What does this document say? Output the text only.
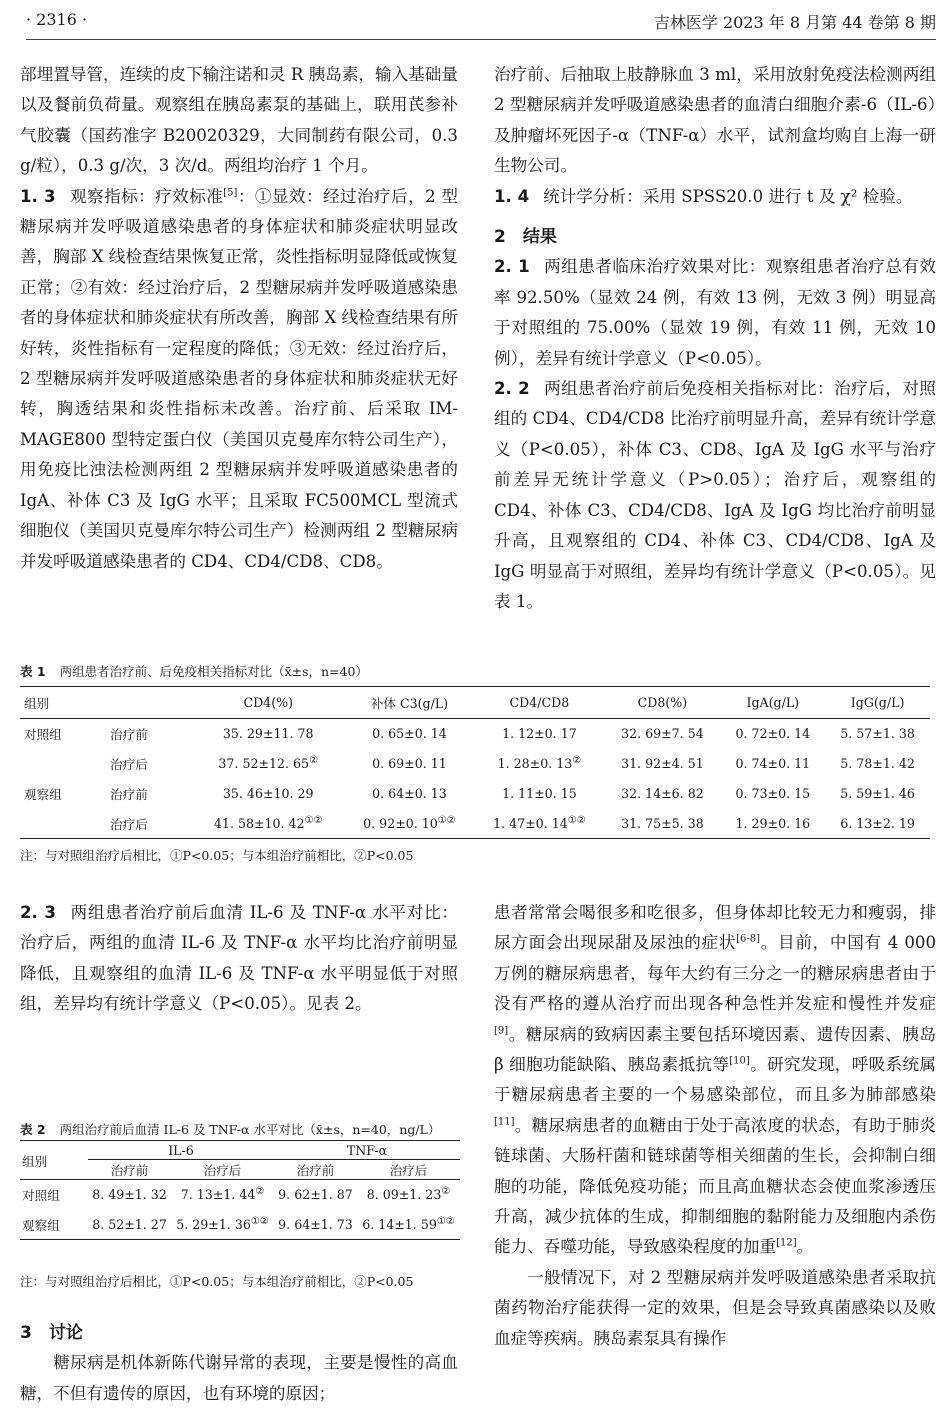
· 2316 ·	吉林医学 2023 年 8 月第 44 卷第 8 期

部埋置导管，连续的皮下输注诺和灵 R 胰岛素，输入基础量以及餐前负荷量。观察组在胰岛素泵的基础上，联用芪参补气胶囊（国药准字 B20020329，大同制药有限公司，0.3 g/粒），0.3 g/次，3 次/d。两组均治疗 1 个月。

1. 3 观察指标：疗效标准[5]：①显效：经过治疗后，2 型糖尿病并发呼吸道感染患者的身体症状和肺炎症状明显改善，胸部 X 线检查结果恢复正常，炎性指标明显降低或恢复正常；②有效：经过治疗后，2 型糖尿病并发呼吸道感染患者的身体症状和肺炎症状有所改善，胸部 X 线检查结果有所好转，炎性指标有一定程度的降低；③无效：经过治疗后，2 型糖尿病并发呼吸道感染患者的身体症状和肺炎症状无好转，胸透结果和炎性指标未改善。治疗前、后采取 IM-MAGE800 型特定蛋白仪（美国贝克曼库尔特公司生产），用免疫比浊法检测两组 2 型糖尿病并发呼吸道感染患者的 IgA、补体 C3 及 IgG 水平；且采取 FC500MCL 型流式细胞仪（美国贝克曼库尔特公司生产）检测两组 2 型糖尿病并发呼吸道感染患者的 CD4、CD4/CD8、CD8。

治疗前、后抽取上肢静脉血 3 ml，采用放射免疫法检测两组 2 型糖尿病并发呼吸道感染患者的血清白细胞介素-6（IL-6）及肿瘤坏死因子-α（TNF-α）水平，试剂盒均购自上海一研生物公司。

1. 4 统计学分析：采用 SPSS20.0 进行 t 及 χ² 检验。

2　结果

2. 1 两组患者临床治疗效果对比：观察组患者治疗总有效率 92.50%（显效 24 例，有效 13 例，无效 3 例）明显高于对照组的 75.00%（显效 19 例，有效 11 例，无效 10 例），差异有统计学意义（P<0.05）。

2. 2 两组患者治疗前后免疫相关指标对比：治疗后，对照组的 CD4、CD4/CD8 比治疗前明显升高，差异有统计学意义（P<0.05），补体 C3、CD8、IgA 及 IgG 水平与治疗前差异无统计学意义（P>0.05）；治疗后，观察组的 CD4、补体 C3、CD4/CD8、IgA 及 IgG 均比治疗前明显升高，且观察组的 CD4、补体 C3、CD4/CD8、IgA 及 IgG 明显高于对照组，差异均有统计学意义（P<0.05）。见表 1。

表 1 两组患者治疗前、后免疫相关指标对比（x̄±s，n=40）
组别		CD4(%)	补体 C3(g/L)	CD4/CD8	CD8(%)	IgA(g/L)	IgG(g/L)
对照组	治疗前	35. 29±11. 78	0. 65±0. 14	1. 12±0. 17	32. 69±7. 54	0. 72±0. 14	5. 57±1. 38
	治疗后	37. 52±12. 65②	0. 69±0. 11	1. 28±0. 13②	31. 92±4. 51	0. 74±0. 11	5. 78±1. 42
观察组	治疗前	35. 46±10. 29	0. 64±0. 13	1. 11±0. 15	32. 14±6. 82	0. 73±0. 15	5. 59±1. 46
	治疗后	41. 58±10. 42①②	0. 92±0. 10①②	1. 47±0. 14①②	31. 75±5. 38	1. 29±0. 16	6. 13±2. 19
注：与对照组治疗后相比，①P<0.05；与本组治疗前相比，②P<0.05

2. 3 两组患者治疗前后血清 IL-6 及 TNF-α 水平对比：治疗后，两组的血清 IL-6 及 TNF-α 水平均比治疗前明显降低，且观察组的血清 IL-6 及 TNF-α 水平明显低于对照组，差异均有统计学意义（P<0.05）。见表 2。

表 2 两组治疗前后血清 IL-6 及 TNF-α 水平对比（x̄±s，n=40，ng/L）
组别	IL-6		TNF-α	
	治疗前	治疗后	治疗前	治疗后
对照组	8. 49±1. 32	7. 13±1. 44②	9. 62±1. 87	8. 09±1. 23②
观察组	8. 52±1. 27	5. 29±1. 36①②	9. 64±1. 73	6. 14±1. 59①②
注：与对照组治疗后相比，①P<0.05；与本组治疗前相比，②P<0.05

3　讨论

糖尿病是机体新陈代谢异常的表现，主要是慢性的高血糖，不但有遗传的原因，也有环境的原因；

患者常常会喝很多和吃很多，但身体却比较无力和瘦弱，排尿方面会出现尿甜及尿浊的症状[6-8]。目前，中国有 4 000 万例的糖尿病患者，每年大约有三分之一的糖尿病患者由于没有严格的遵从治疗而出现各种急性并发症和慢性并发症[9]。糖尿病的致病因素主要包括环境因素、遗传因素、胰岛 β 细胞功能缺陷、胰岛素抵抗等[10]。研究发现，呼吸系统属于糖尿病患者主要的一个易感染部位，而且多为肺部感染[11]。糖尿病患者的血糖由于处于高浓度的状态，有助于肺炎链球菌、大肠杆菌和链球菌等相关细菌的生长，会抑制白细胞的功能，降低免疫功能；而且高血糖状态会使血浆渗透压升高，减少抗体的生成，抑制细胞的黏附能力及细胞内杀伤能力、吞噬功能，导致感染程度的加重[12]。

一般情况下，对 2 型糖尿病并发呼吸道感染患者采取抗菌药物治疗能获得一定的效果，但是会导致真菌感染以及败血症等疾病。胰岛素泵具有操作
